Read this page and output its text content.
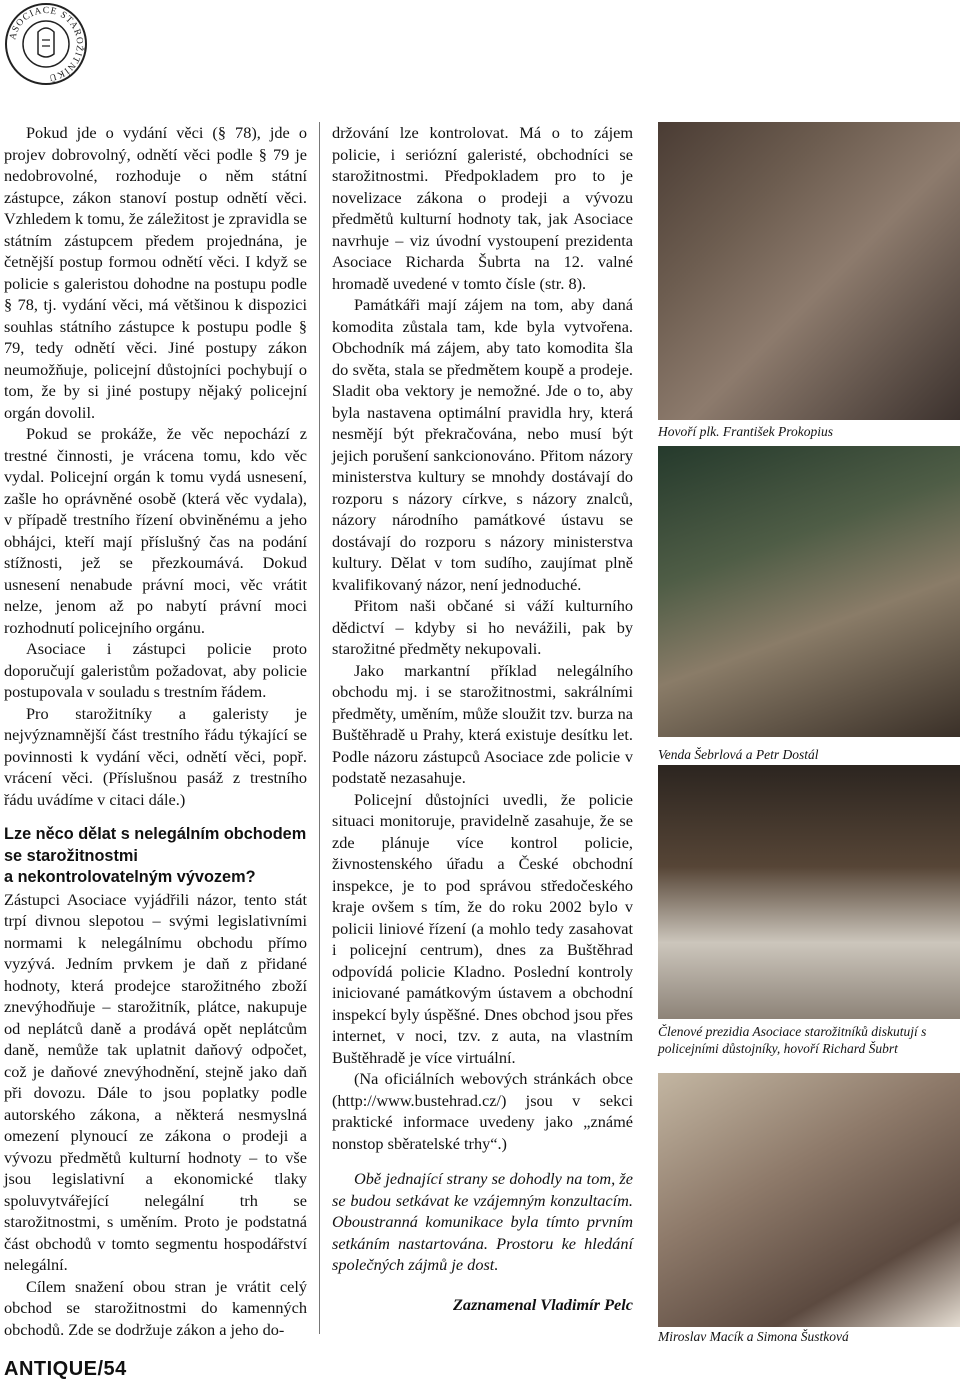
ASOCIACE STAROŽITNÍKŮ

Pokud jde o vydání věci (§ 78), jde o projev dobrovolný, odnětí věci podle § 79 je nedobrovolné, rozhoduje o něm státní zástupce, zákon stanoví postup odnětí věci. Vzhledem k tomu, že záležitost je zpravidla se státním zástupcem předem projednána, je četnější postup formou odnětí věci. I když se policie s galeristou dohodne na postupu podle § 78, tj. vydání věci, má většinou k dispozici souhlas státního zástupce k postupu podle § 79, tedy odnětí věci. Jiné postupy zákon neumožňuje, policejní důstojníci pochybují o tom, že by si jiné postupy nějaký policejní orgán dovolil.

Pokud se prokáže, že věc nepochází z trestné činnosti, je vrácena tomu, kdo věc vydal. Policejní orgán k tomu vydá usnesení, zašle ho oprávněné osobě (která věc vydala), v případě trestního řízení obviněnému a jeho obhájci, kteří mají příslušný čas na podání stížnosti, jež se přezkoumává. Dokud usnesení nenabude právní moci, věc vrátit nelze, jenom až po nabytí právní moci rozhodnutí policejního orgánu.

Asociace i zástupci policie proto doporučují galeristům požadovat, aby policie postupovala v souladu s trestním řádem.

Pro starožitníky a galeristy je nejvýznamnější část trestního řádu týkající se povinnosti k vydání věci, odnětí věci, popř. vrácení věci. (Příslušnou pasáž z trestního řádu uvádíme v citaci dále.)

Lze něco dělat s nelegálním obchodem
se starožitnostmi
a nekontrolovatelným vývozem?

Zástupci Asociace vyjádřili názor, tento stát trpí divnou slepotou – svými legislativními normami k nelegálnímu obchodu přímo vyzývá. Jedním prvkem je daň z přidané hodnoty, která prodejce starožitného zboží znevýhodňuje – starožitník, plátce, nakupuje od neplátců daně a prodává opět neplátcům daně, nemůže tak uplatnit daňový odpočet, což je daňové znevýhodnění, stejně jako daň při dovozu. Dále to jsou poplatky podle autorského zákona, a některá nesmyslná omezení plynoucí ze zákona o prodeji a vývozu předmětů kulturní hodnoty – to vše jsou legislativní a ekonomické tlaky spoluvytvářející nelegální trh se starožitnostmi, s uměním. Proto je podstatná část obchodů v tomto segmentu hospodářství nelegální.

Cílem snažení obou stran je vrátit celý obchod se starožitnostmi do kamenných obchodů. Zde se dodržuje zákon a jeho do-

držování lze kontrolovat. Má o to zájem policie, i seriózní galeristé, obchodníci se starožitnostmi. Předpokladem pro to je novelizace zákona o prodeji a vývozu předmětů kulturní hodnoty tak, jak Asociace navrhuje – viz úvodní vystoupení prezidenta Asociace Richarda Šubrta na 12. valné hromadě uvedené v tomto čísle (str. 8).

Památkáři mají zájem na tom, aby daná komodita zůstala tam, kde byla vytvořena. Obchodník má zájem, aby tato komodita šla do světa, stala se předmětem koupě a prodeje. Sladit oba vektory je nemožné. Jde o to, aby byla nastavena optimální pravidla hry, která nesmějí být překračována, nebo musí být jejich porušení sankcionováno. Přitom názory ministerstva kultury se mnohdy dostávají do rozporu s názory církve, s názory znalců, názory národního památkové ústavu se dostávají do rozporu s názory ministerstva kultury. Dělat v tom sudího, zaujímat plně kvalifikovaný názor, není jednoduché.

Přitom naši občané si váží kulturního dědictví – kdyby si ho nevážili, pak by starožitné předměty nekupovali.

Jako markantní příklad nelegálního obchodu mj. i se starožitnostmi, sakrálními předměty, uměním, může sloužit tzv. burza na Buštěhradě u Prahy, která existuje desítku let. Podle názoru zástupců Asociace zde policie v podstatě nezasahuje.

Policejní důstojníci uvedli, že policie situaci monitoruje, pravidelně zasahuje, že se zde plánuje více kontrol policie, živnostenského úřadu a České obchodní inspekce, je to pod správou středočeského kraje ovšem s tím, že do roku 2002 bylo v policii liniové řízení (a mohlo tedy zasahovat i policejní centrum), dnes za Buštěhrad odpovídá policie Kladno. Poslední kontroly iniciované památkovým ústavem a obchodní inspekcí byly úspěšné. Dnes obchod jsou přes internet, v noci, tzv. z auta, na vlastním Buštěhradě je více virtuální.

(Na oficiálních webových stránkách obce (http://www.bustehrad.cz/) jsou v sekci praktické informace uvedeny jako „známé nonstop sběratelské trhy“.)

Obě jednající strany se dohodly na tom, že se budou setkávat ke vzájemným konzultacím. Oboustranná komunikace byla tímto prvním setkáním nastartována. Prostoru ke hledání společných zájmů je dost.

Zaznamenal Vladimír Pelc

Hovoří plk. František Prokopius

Venda Šebrlová a Petr Dostál

Členové prezidia Asociace starožitníků diskutují s policejními důstojníky, hovoří Richard Šubrt

Miroslav Macík a Simona Šustková

ANTIQUE/54
